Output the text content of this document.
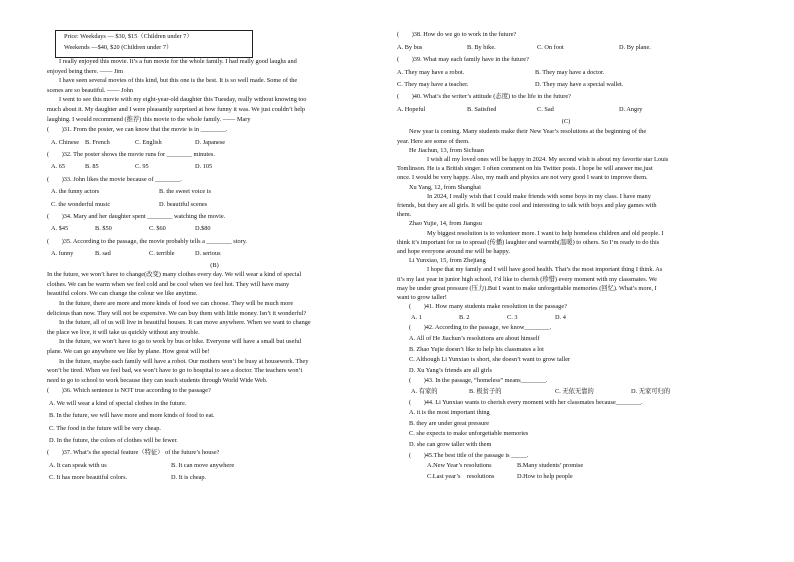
Price: Weekdays — $30, $15（Children under 7）
Weekends —$40, $20 (Children under 7）
I really enjoyed this movie. It’s a fun movie for the whole family. I had really good laughs and
enjoyed being there. —— Jim
I have seen several movies of this kind, but this one is the best. It is so well made. Some of the
scenes are so beautiful. —— John
I went to see this movie with my eight-year-old daughter this Tuesday, really without knowing too
much about it. My daughter and I were pleasantly surprised at how funny it was. We just couldn’t help
laughing. I would recommend (推荐) this movie to the whole family. —— Mary
(　　)31. From the poster, we can know that the movie is in ________.
A. Chinese B. French	C. English	D. Japanese
(　　)32. The poster shows the movie runs for ________ minutes.
A. 65	B. 85	C. 95	D. 105
(　　)33. John likes the movie because of ________.
A. the funny actors	B. the sweet voice is
C. the wonderful music	D. beautiful scenes
(　　)34. Mary and her daughter spent ________ watching the movie.
A. $45	B. $50	C. $60	D.$80
(　　)35. According to the passage, the movie probably tells a ________ story.
A. funny	B. sad	C. terrible	D. serious
(B)
In the future, we won’t have to change(改变) many clothes every day. We will wear a kind of special
clothes. We can be warm when we feel cold and be cool when we feel hot. They will have many
beautiful colors. We can change the colour we like anytime.
In the future, there are more and more kinds of food we can choose. They will be much more
delicious than now. They will not be expensive. We can buy them with little money. Isn’t it wonderful?
In the future, all of us will live in beautiful houses. It can move anywhere. When we want to change
the place we live, it will take us quickly without any trouble.
In the future, we won’t have to go to work by bus or bike. Everyone will have a small but useful
plane. We can go anywhere we like by plane. How great will be!
In the future, maybe each family will have a robot. Our mothers won’t be busy at housework. They
won’t be tired. When we feel bad, we won’t have to go to hospital to see a doctor. The teachers won’t
need to go to school to work because they can teach students through World Wide Web.
(　　)36. Which sentence is NOT true according to the passage?
A. We will wear a kind of special clothes in the future.
B. In the future, we will have more and more kinds of food to eat.
C. The food in the future will be very cheap.
D. In the future, the colors of clothes will be fewer.
(　　)37. What’s the special feature（特征） of the future’s house?
A. It can speak with us	B. It can move anywhere
C. It has more beautiful colors.	D. It is cheap.
(　　)38. How do we go to work in the future?
A. By bus	B. By bike.	C. On foot	D. By plane.
(　　)39. What may each family have in the future?
A. They may have a robot.	B. They may have a doctor.
C. They may have a teacher.	D. They may have a special wallet.
(　　)40. What’s the writer’s attitude (态度) to the life in the future?
A. Hopeful	B. Satisfied	C. Sad	D. Angry
(C)
New year is coming. Many students make their New Year’s resolutions at the beginning of the
year. Here are some of them.
He Jiachun, 13, from Sichuan
I wish all my loved ones will be happy in 2024. My second wish is about my favorite star Louis
Tomlinson. He is a British singer. I often comment on his Twitter posts. I hope he will answer me,just
once. I would be very happy. Also, my math and physics are not very good I want to improve them.
Xu Yang, 12, from Shanghai
In 2024, I really wish that I could make friends with some boys in my class. I have many
friends, but they are all girls. It will be quite cool and interesting to talk with boys and play games with
them.
Zhao Yujie, 14, from Jiangsu
My biggest resolution is to volunteer more. I want to help homeless children and old people. I
think it’s important for us to spread (传播) laughter and warmth(温暖) to others. So I’m ready to do this
and hope everyone around me will be happy.
Li Yunxiao, 15, from Zhejiang
I hope that my family and I will have good health. That’s the most important thing I think. As
it’s my last year in junior high school, I’d like to cherish (珍惜) every moment with my classmates. We
may be under great pressure (压力).But I want to make unforgettable memories (回忆). What’s more, I
want to grow taller!
(　　)41. How many students make resolution in the passage?
A. 1	B. 2	C. 3	D. 4
(　　)42. According to the passage, we know________.
A. All of He Jiachun’s resolutions are about himself
B. Zhao Yujie doesn’t like to help his classmates a lot
C. Although Li Yunxiao is short, she doesn’t want to grow taller
D. Xu Yang’s friends are all girls
(　　)43. In the passage, “homeless” means________.
A. 有家的	B. 极贫子的	C. 无依无靠的	D. 无家可归的
(　　)44. Li Yunxiao wants to cherish every moment with her classmates because________.
A. it is the most important thing
B. they are under great pressure
C. she expects to make unforgettable memories
D. she can grow taller with them
(　　)45.The best title of the passage is _____.
A.New Year’s resolutions	B.Many students’ promise
C.Last year’s　resolutions	D.How to help people
